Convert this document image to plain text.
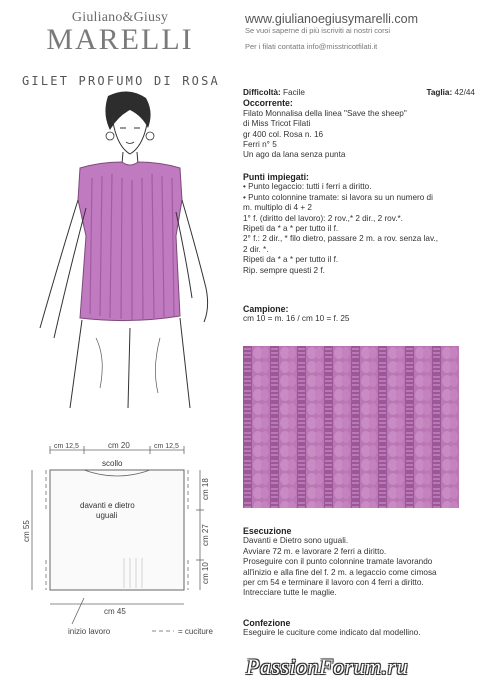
Giuliano&Giusy
MARELLI
GILET PROFUMO DI ROSA
www.giulianoegiusymarelli.com
Se vuoi saperne di più iscriviti ai nostri corsi
Per i filati contatta info@misstricotfilati.it
Difficoltà: Facile	Taglia: 42/44
Occorrente:
Filato Monnalisa della linea "Save the sheep"
di Miss Tricot Filati
gr 400 col. Rosa n. 16
Ferri n° 5
Un ago da lana senza punta
Punti impiegati:
• Punto legaccio: tutti i ferri a diritto.
• Punto colonnine tramate: si lavora su un numero di
m. multiplo di 4 + 2
1° f. (diritto del lavoro): 2 rov.,* 2 dir., 2 rov.*.
Ripeti da * a * per tutto il f.
2° f.: 2 dir., * filo dietro, passare 2 m. a rov. senza lav.,
2 dir. *.
Ripeti da * a * per tutto il f.
Rip. sempre questi 2 f.
Campione:
cm 10 = m. 16 / cm 10 = f. 25
Esecuzione
Davanti e Dietro sono uguali.
Avviare 72 m. e lavorare 2 ferri a diritto.
Proseguire con il punto colonnine tramate lavorando
all'inizio e alla fine del f. 2 m. a legaccio come cimosa
per cm 54 e terminare il lavoro con 4 ferri a diritto.
Intrecciare tutte le maglie.
Confezione
Eseguire le cuciture come indicato dal modellino.
cm 12,5	cm 20	cm 12,5
scollo
davanti e dietro
uguali
cm 55
cm 18
cm 27
cm 10
cm 45
inizio lavoro	= cuciture
PassionForum.ru
